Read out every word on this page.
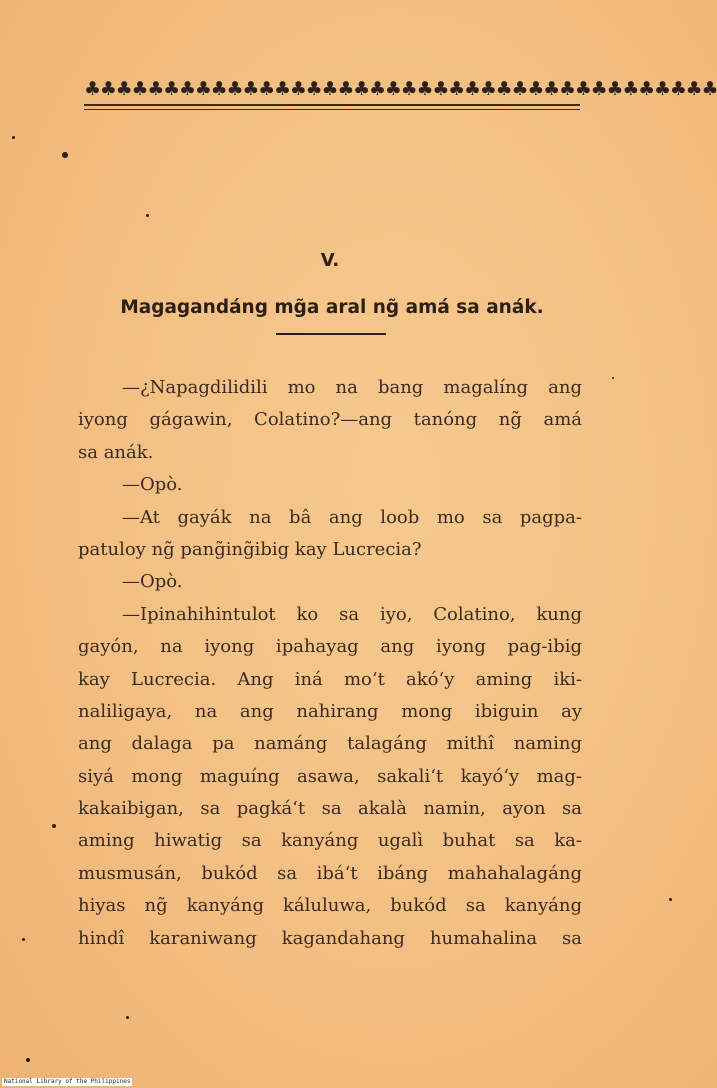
♣♣♣♣♣♣♣♣♣♣♣♣♣♣♣♣♣♣♣♣♣♣♣♣♣♣♣♣♣♣♣♣♣♣♣♣♣♣♣♣
V.
Magagandáng mg̃a aral ng̃ amá sa anák.
—¿Napagdilidili mo na bang magalíng ang
iyong gágawin, Colatino?—ang tanóng ng̃ amá
sa anák.
—Opò.
—At gayák na bâ ang loob mo sa pagpa-
patuloy ng̃ pang̃ing̃ibig kay Lucrecia?
—Opò.
—Ipinahihintulot ko sa iyo, Colatino, kung
gayón, na iyong ipahayag ang iyong pag-ibig
kay Lucrecia. Ang iná mo‘t akó‘y aming iki-
naliligaya, na ang nahirang mong ibiguin ay
ang dalaga pa namáng talagáng mithî naming
siyá mong maguíng asawa, sakali‘t kayó‘y mag-
kakaibigan, sa pagká‘t sa akalà namin, ayon sa
aming hiwatig sa kanyáng ugalì buhat sa ka-
musmusán, bukód sa ibá‘t ibáng mahahalagáng
hiyas ng̃ kanyáng káluluwa, bukód sa kanyáng
hindî karaniwang kagandahang humahalina sa
National Library of the Philippines
